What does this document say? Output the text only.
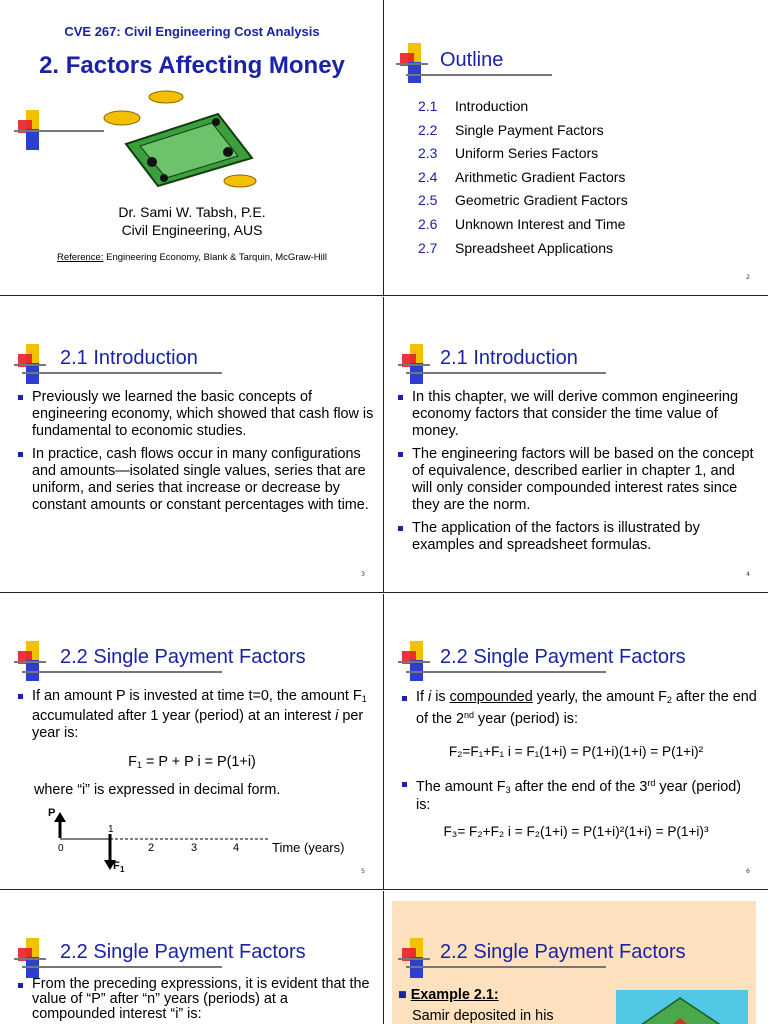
CVE 267: Civil Engineering Cost Analysis
2. Factors Affecting Money
Dr. Sami W. Tabsh, P.E.
Civil Engineering, AUS
Reference: Engineering Economy, Blank & Tarquin, McGraw-Hill
Outline
2.1 Introduction
2.2 Single Payment Factors
2.3 Uniform Series Factors
2.4 Arithmetic Gradient Factors
2.5 Geometric Gradient Factors
2.6 Unknown Interest and Time
2.7 Spreadsheet Applications
2
2.1 Introduction
Previously we learned the basic concepts of engineering economy, which showed that cash flow is fundamental to economic studies.
In practice, cash flows occur in many configurations and amounts—isolated single values, series that are uniform, and series that increase or decrease by constant amounts or constant percentages with time.
3
2.1 Introduction
In this chapter, we will derive common engineering economy factors that consider the time value of money.
The engineering factors will be based on the concept of equivalence, described earlier in chapter 1, and will only consider compounded interest rates since they are the norm.
The application of the factors is illustrated by examples and spreadsheet formulas.
4
2.2 Single Payment Factors
If an amount P is invested at time t=0, the amount $F_1$ accumulated after 1 year (period) at an interest i per year is:
$F_1 = P + P$ i = P(1+i)
where “i” is expressed in decimal form.
P
1
0	2	3	4	Time (years)
F 1	5
2.2 Single Payment Factors
If i is compounded yearly, the amount $F_2$ after the end of the 2nd year (period) is:
F₂=F₁+F₁ i = F₁(1+i) = P(1+i)(1+i) = P(1+i)²
The amount $F_3$ after the end of the 3rd year (period) is:
F₃= F₂+F₂ i = F₂(1+i) = P(1+i)²(1+i) = P(1+i)³
6
2.2 Single Payment Factors
From the preceding expressions, it is evident that the value of “P” after “n” years (periods) at a compounded interest “i” is:
2.2 Single Payment Factors
■ Example 2.1:
Samir deposited in his
